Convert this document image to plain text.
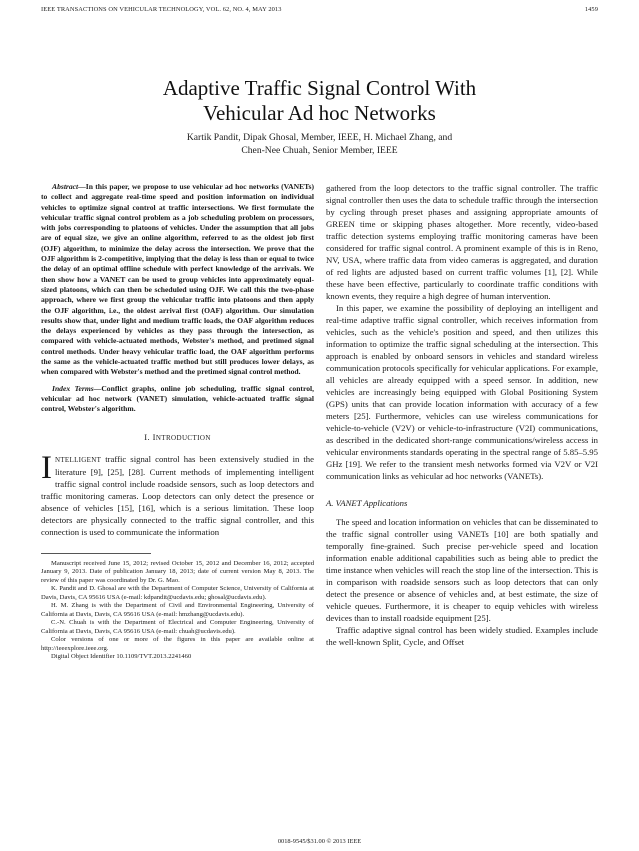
IEEE TRANSACTIONS ON VEHICULAR TECHNOLOGY, VOL. 62, NO. 4, MAY 2013	1459
Adaptive Traffic Signal Control With
Vehicular Ad hoc Networks
Kartik Pandit, Dipak Ghosal, Member, IEEE, H. Michael Zhang, and
Chen-Nee Chuah, Senior Member, IEEE

Abstract—In this paper, we propose to use vehicular ad hoc networks (VANETs) to collect and aggregate real-time speed and position information on individual vehicles to optimize signal control at traffic intersections. We first formulate the vehicular traffic signal control problem as a job scheduling problem on processors, with jobs corresponding to platoons of vehicles. Under the assumption that all jobs are of equal size, we give an online algorithm, referred to as the oldest job first (OJF) algorithm, to minimize the delay across the intersection. We prove that the OJF algorithm is 2-competitive, implying that the delay is less than or equal to twice the delay of an optimal offline schedule with perfect knowledge of the arrivals. We then show how a VANET can be used to group vehicles into approximately equal-sized platoons, which can then be scheduled using OJF. We call this the two-phase approach, where we first group the vehicular traffic into platoons and then apply the OJF algorithm, i.e., the oldest arrival first (OAF) algorithm. Our simulation results show that, under light and medium traffic loads, the OAF algorithm reduces the delays experienced by vehicles as they pass through the intersection, as compared with vehicle-actuated methods, Webster's method, and pretimed signal control methods. Under heavy vehicular traffic load, the OAF algorithm performs the same as the vehicle-actuated traffic method but still produces lower delays, as when compared with Webster's method and the pretimed signal control method.

Index Terms—Conflict graphs, online job scheduling, traffic signal control, vehicular ad hoc network (VANET) simulation, vehicle-actuated traffic signal control, Webster's algorithm.

I. INTRODUCTION

INTELLIGENT traffic signal control has been extensively studied in the literature [9], [25], [28]. Current methods of implementing intelligent traffic signal control include roadside sensors, such as loop detectors and traffic monitoring cameras. Loop detectors can only detect the presence or absence of vehicles [15], [16], which is a serious limitation. These loop detectors are physically connected to the traffic signal controller, and this connection is used to communicate the information

Manuscript received June 15, 2012; revised October 15, 2012 and December 16, 2012; accepted January 9, 2013. Date of publication January 18, 2013; date of current version May 8, 2013. The review of this paper was coordinated by Dr. G. Mao.

K. Pandit and D. Ghosal are with the Department of Computer Science, University of California at Davis, Davis, CA 95616 USA (e-mail: kdpandit@ucdavis.edu; ghosal@ucdavis.edu).

H. M. Zhang is with the Department of Civil and Environmental Engineering, University of California at Davis, Davis, CA 95616 USA (e-mail: hmzhang@ucdavis.edu).

C.-N. Chuah is with the Department of Electrical and Computer Engineering, University of California at Davis, Davis, CA 95616 USA (e-mail: chuah@ucdavis.edu).

Color versions of one or more of the figures in this paper are available online at http://ieeexplore.ieee.org.

Digital Object Identifier 10.1109/TVT.2013.2241460

gathered from the loop detectors to the traffic signal controller. The traffic signal controller then uses the data to schedule traffic through the intersection by cycling through preset phases and assigning appropriate amounts of GREEN time or skipping phases altogether. More recently, video-based traffic detection systems employing traffic monitoring cameras have been considered for traffic signal control. A prominent example of this is in Reno, NV, USA, where traffic data from video cameras is aggregated, and duration of red lights are adjusted based on current traffic volumes [1], [2]. While these have been effective, particularly to coordinate traffic conditions with known events, they require a high degree of human intervention.

In this paper, we examine the possibility of deploying an intelligent and real-time adaptive traffic signal controller, which receives information from vehicles, such as the vehicle's position and speed, and then utilizes this information to optimize the traffic signal scheduling at the intersection. This approach is enabled by onboard sensors in vehicles and standard wireless communication protocols specifically for vehicular applications. For example, all vehicles are already equipped with a speed sensor. In addition, new vehicles are increasingly being equipped with Global Positioning System (GPS) units that can provide location information with accuracy of a few meters [25]. Furthermore, vehicles can use wireless communications for vehicle-to-vehicle (V2V) or vehicle-to-infrastructure (V2I) communications, as described in the dedicated short-range communications/wireless access in vehicular environments standards operating in the spectral range of 5.85–5.95 GHz [19]. We refer to the transient mesh networks formed via V2V or V2I communication links as vehicular ad hoc networks (VANETs).

A. VANET Applications

The speed and location information on vehicles that can be disseminated to the traffic signal controller using VANETs [10] are both spatially and temporally fine-grained. Such precise per-vehicle speed and location information enable additional capabilities such as being able to predict the time instance when vehicles will reach the stop line of the intersection. This is in comparison with roadside sensors such as loop detectors that can only detect the presence or absence of vehicles and, at best estimate, the size of vehicle queues. Furthermore, it is cheaper to equip vehicles with wireless devices than to install roadside equipment [25].

Traffic adaptive signal control has been widely studied. Examples include the well-known Split, Cycle, and Offset

0018-9545/$31.00 © 2013 IEEE
